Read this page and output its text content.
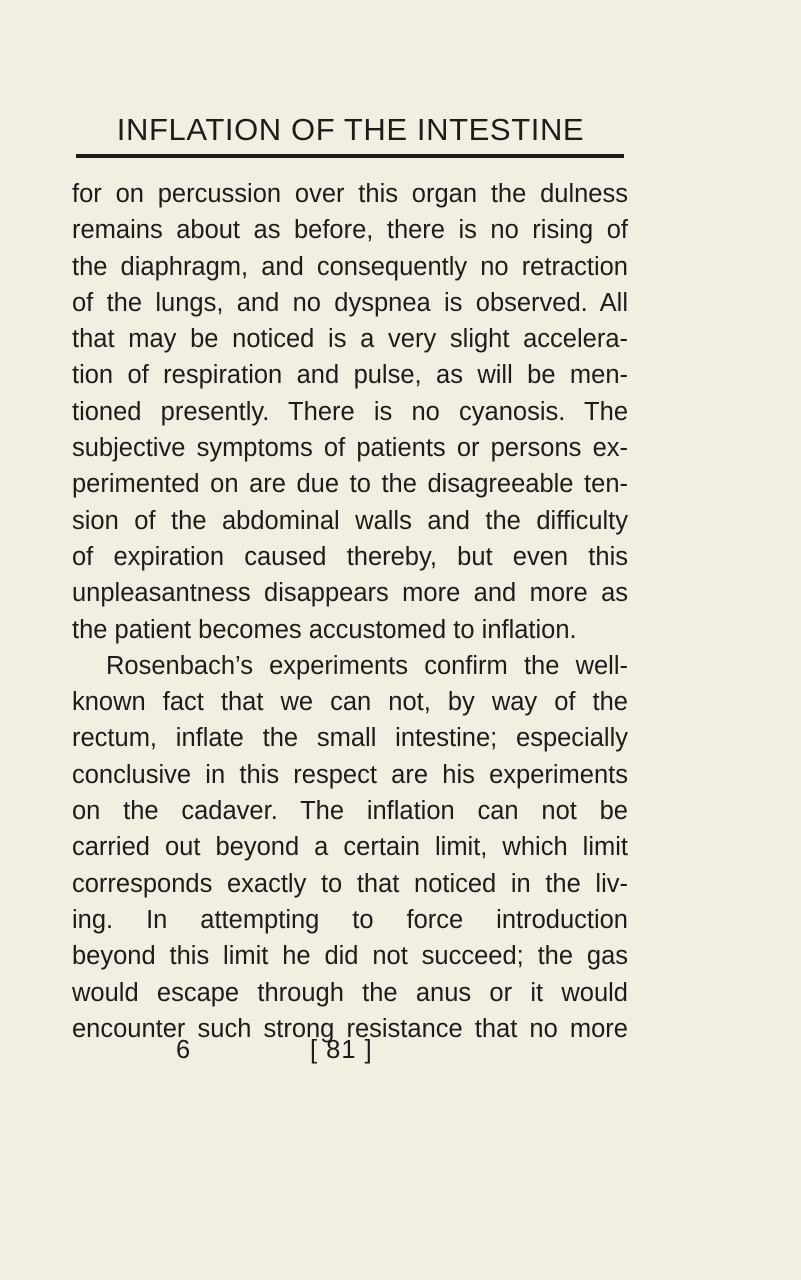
INFLATION OF THE INTESTINE
for on percussion over this organ the dulness
remains about as before, there is no rising of
the diaphragm, and consequently no retraction
of the lungs, and no dyspnea is observed. All
that may be noticed is a very slight accelera-
tion of respiration and pulse, as will be men-
tioned presently. There is no cyanosis. The
subjective symptoms of patients or persons ex-
perimented on are due to the disagreeable ten-
sion of the abdominal walls and the difficulty
of expiration caused thereby, but even this
unpleasantness disappears more and more as
the patient becomes accustomed to inflation.
Rosenbach’s experiments confirm the well-
known fact that we can not, by way of the
rectum, inflate the small intestine; especially
conclusive in this respect are his experiments
on the cadaver. The inflation can not be
carried out beyond a certain limit, which limit
corresponds exactly to that noticed in the liv-
ing. In attempting to force introduction
beyond this limit he did not succeed; the gas
would escape through the anus or it would
encounter such strong resistance that no more
6	[ 81 ]
